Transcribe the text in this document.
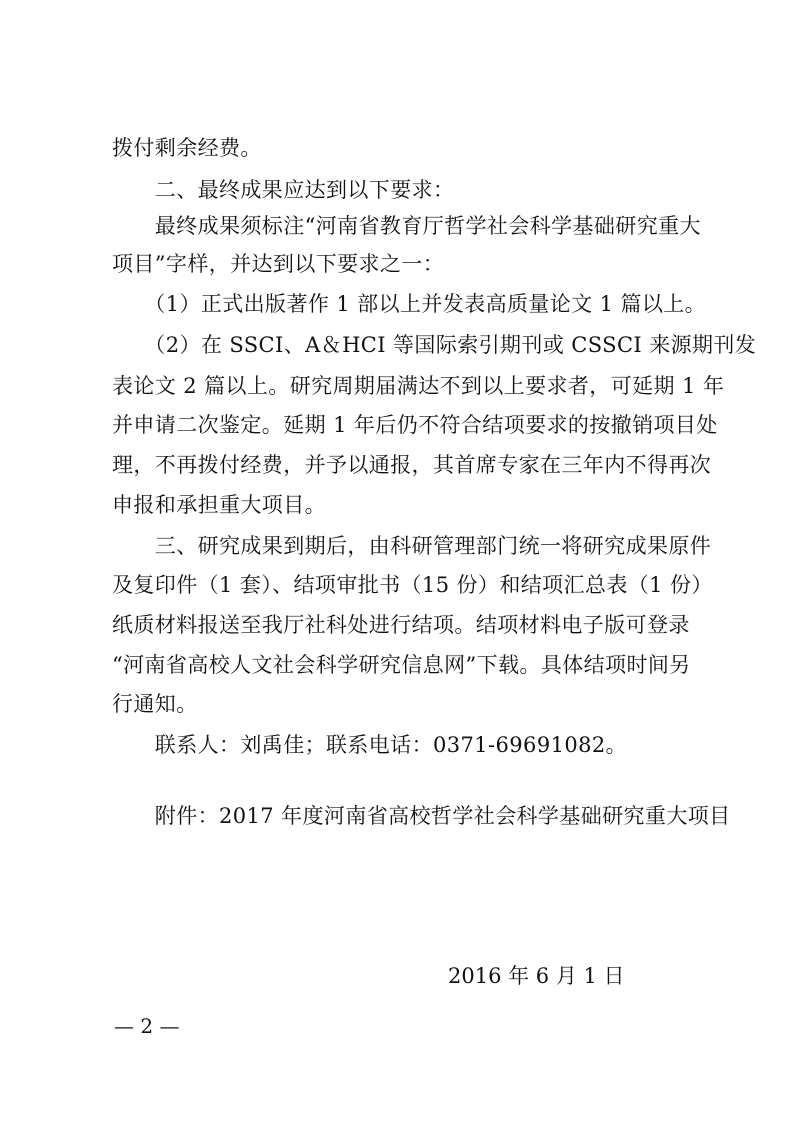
拨付剩余经费。
　　二、最终成果应达到以下要求：
　　最终成果须标注“河南省教育厅哲学社会科学基础研究重大
项目”字样，并达到以下要求之一：
　　（1）正式出版著作 1 部以上并发表高质量论文 1 篇以上。
　　（2）在 SSCI、A＆HCI 等国际索引期刊或 CSSCI 来源期刊发
表论文 2 篇以上。研究周期届满达不到以上要求者，可延期 1 年
并申请二次鉴定。延期 1 年后仍不符合结项要求的按撤销项目处
理，不再拨付经费，并予以通报，其首席专家在三年内不得再次
申报和承担重大项目。
　　三、研究成果到期后，由科研管理部门统一将研究成果原件
及复印件（1 套）、结项审批书（15 份）和结项汇总表（1 份）
纸质材料报送至我厅社科处进行结项。结项材料电子版可登录
“河南省高校人文社会科学研究信息网”下载。具体结项时间另
行通知。
　　联系人：刘禹佳；联系电话：0371-69691082。
　　附件：2017 年度河南省高校哲学社会科学基础研究重大项目
2016 年 6 月 1 日
— 2 —
